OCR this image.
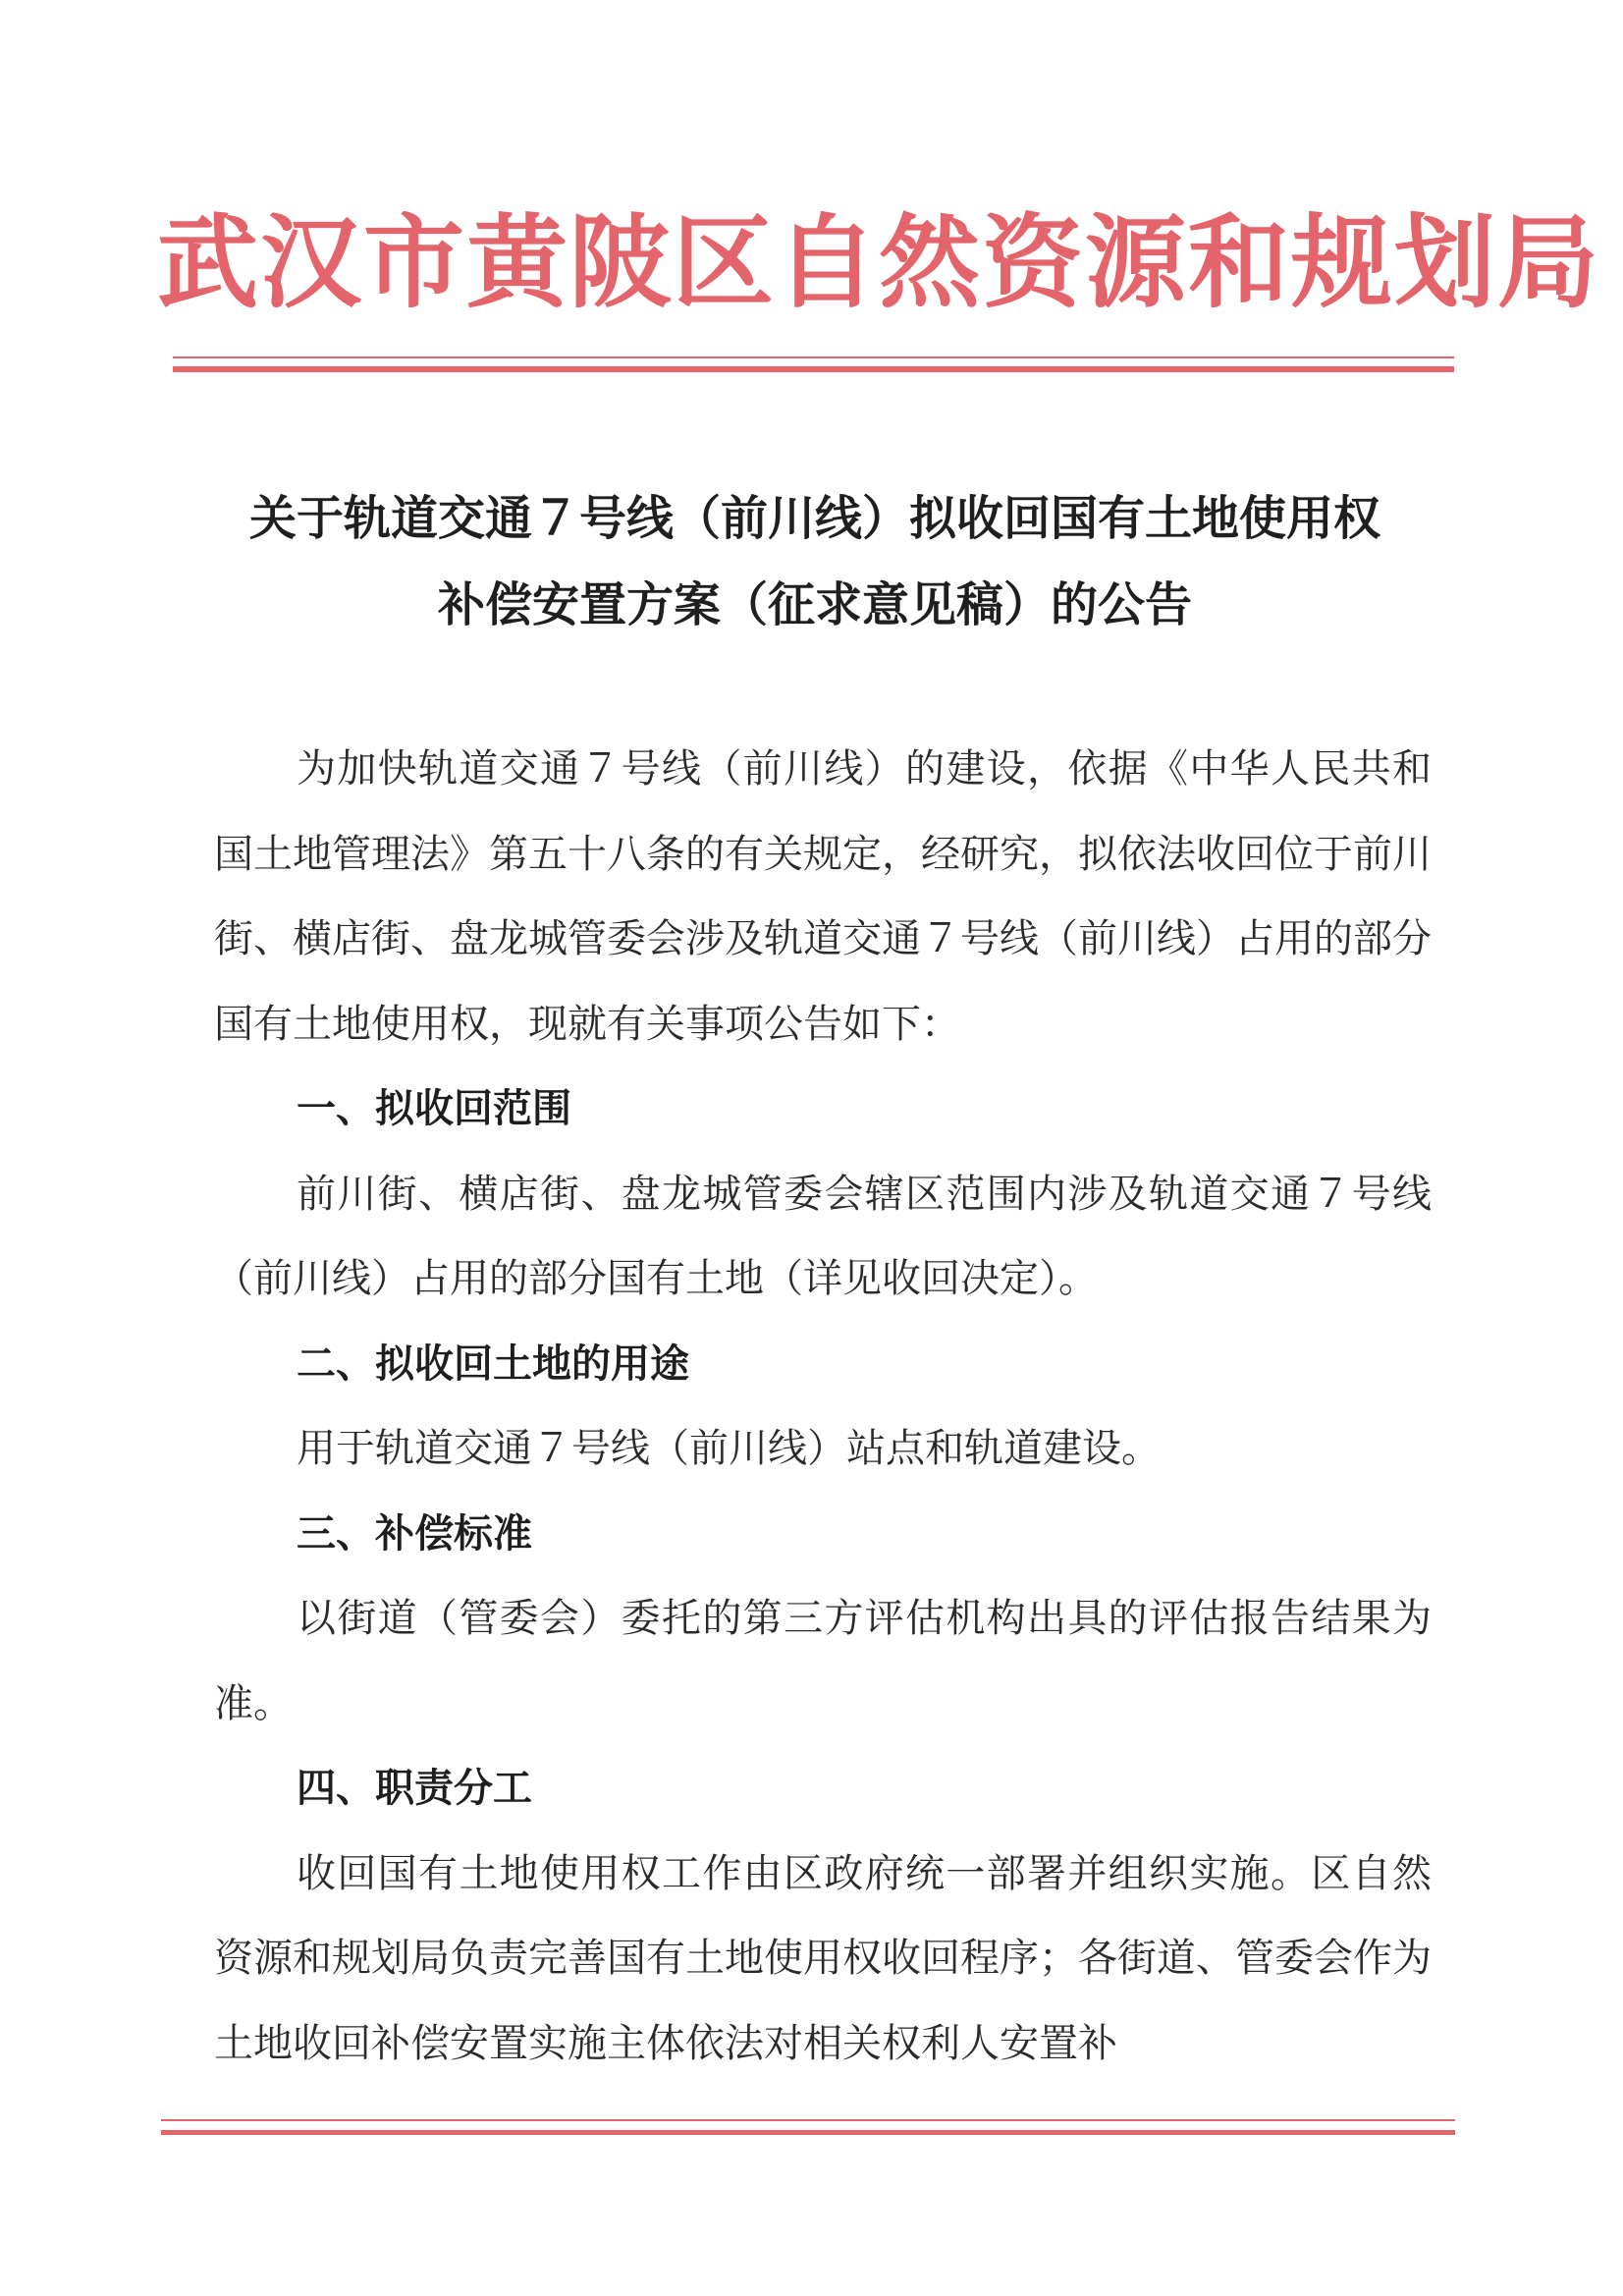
武汉市黄陂区自然资源和规划局
关于轨道交通７号线（前川线）拟收回国有土地使用权
补偿安置方案（征求意见稿）的公告

为加快轨道交通７号线（前川线）的建设，依据《中华人民共和国土地管理法》第五十八条的有关规定，经研究，拟依法收回位于前川街、横店街、盘龙城管委会涉及轨道交通７号线（前川线）占用的部分国有土地使用权，现就有关事项公告如下：

一、拟收回范围

前川街、横店街、盘龙城管委会辖区范围内涉及轨道交通７号线（前川线）占用的部分国有土地（详见收回决定）。

二、拟收回土地的用途

用于轨道交通７号线（前川线）站点和轨道建设。

三、补偿标准

以街道（管委会）委托的第三方评估机构出具的评估报告结果为准。

四、职责分工

收回国有土地使用权工作由区政府统一部署并组织实施。区自然资源和规划局负责完善国有土地使用权收回程序；各街道、管委会作为土地收回补偿安置实施主体依法对相关权利人安置补
